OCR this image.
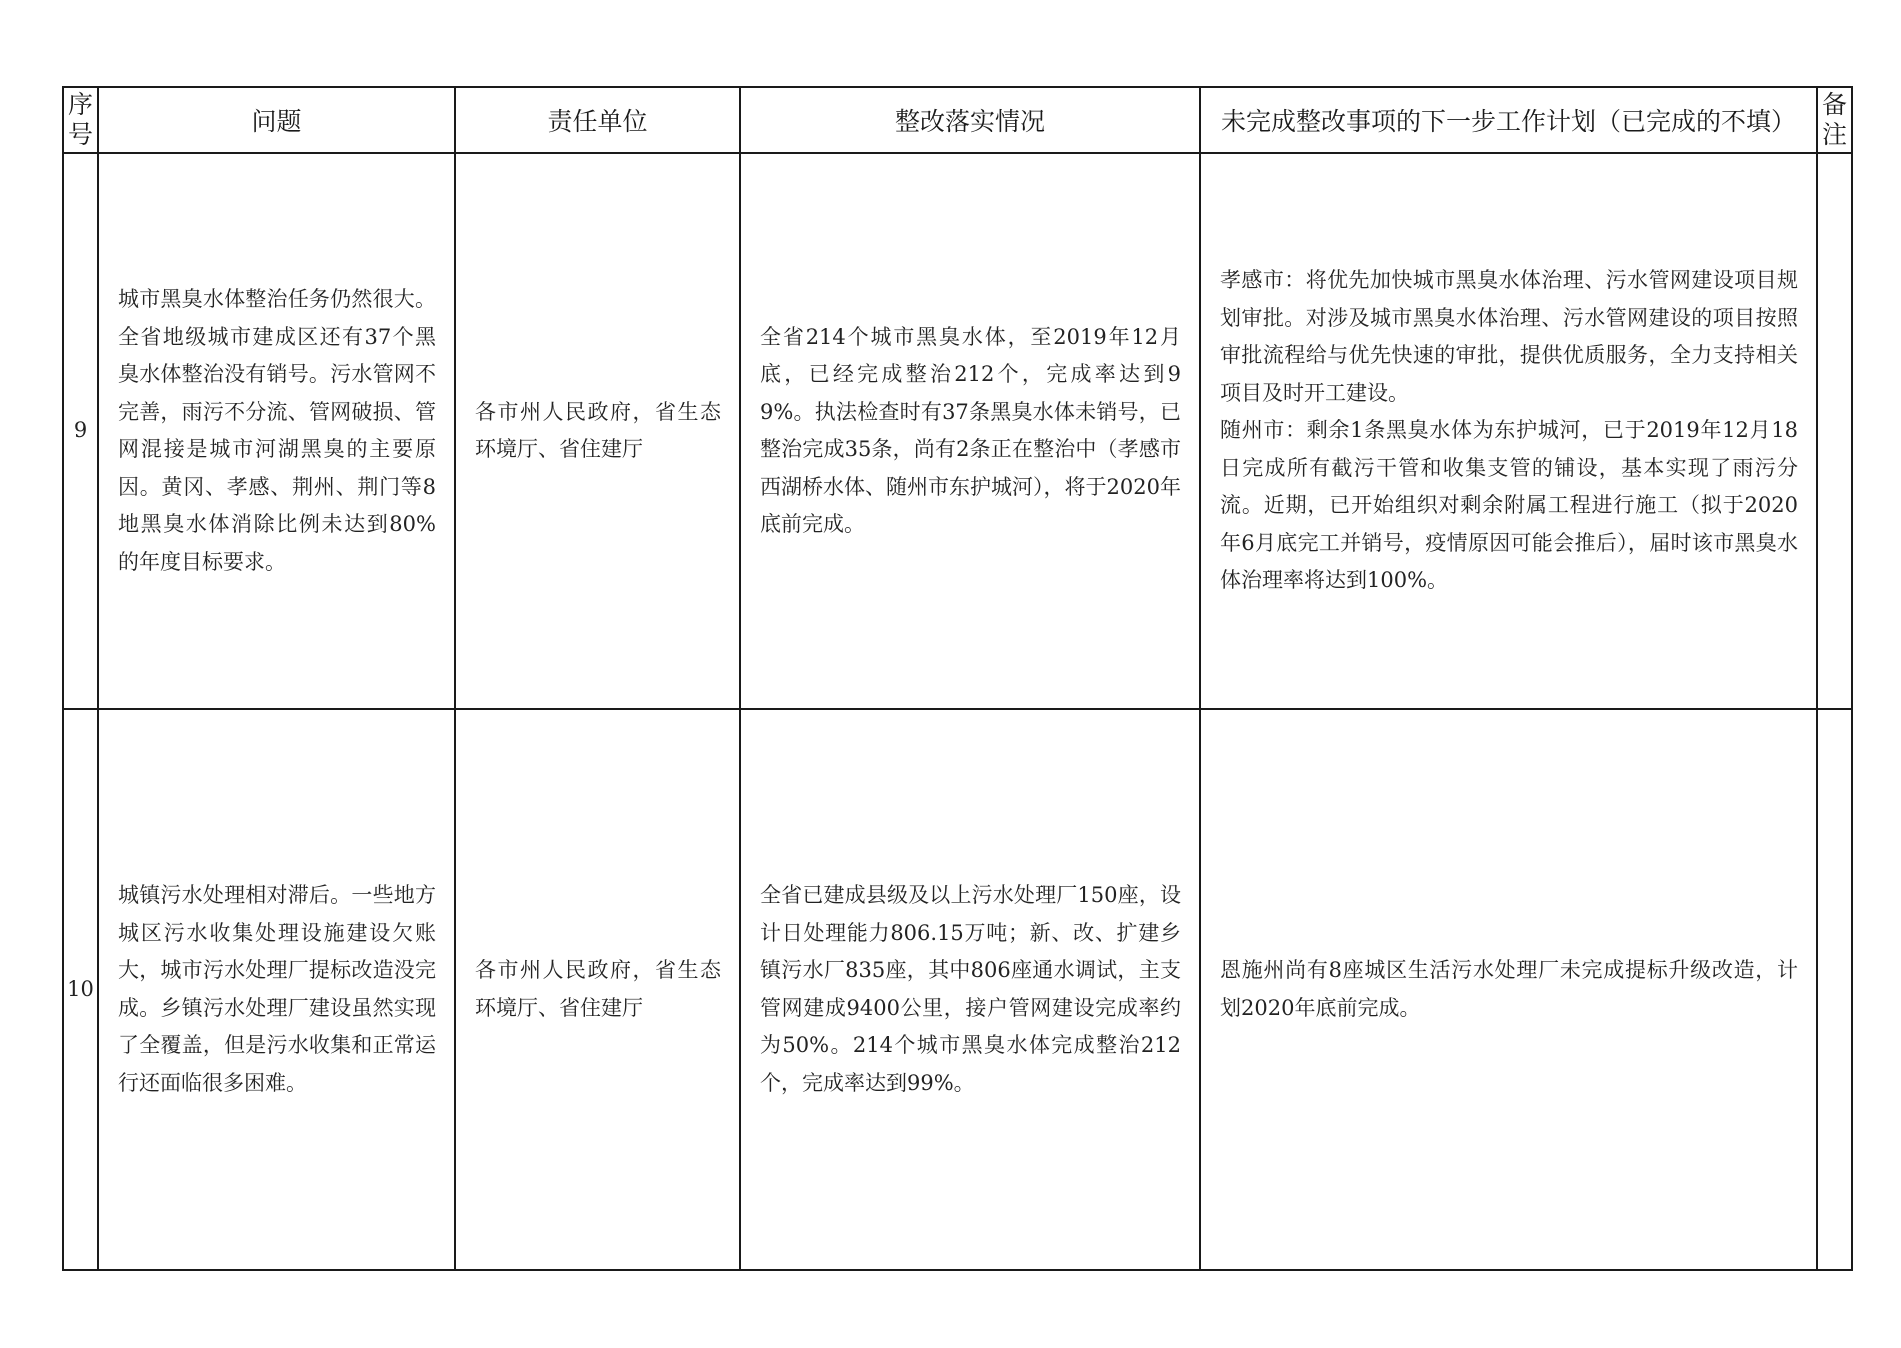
序号	问题	责任单位	整改落实情况	未完成整改事项的下一步工作计划（已完成的不填）	备注
9	城市黑臭水体整治任务仍然很大。全省地级城市建成区还有37个黑臭水体整治没有销号。污水管网不完善，雨污不分流、管网破损、管网混接是城市河湖黑臭的主要原因。黄冈、孝感、荆州、荆门等8地黑臭水体消除比例未达到80%的年度目标要求。	各市州人民政府，省生态环境厅、省住建厅	全省214个城市黑臭水体，至2019年12月底，已经完成整治212个，完成率达到99%。执法检查时有37条黑臭水体未销号，已整治完成35条，尚有2条正在整治中（孝感市西湖桥水体、随州市东护城河），将于2020年底前完成。	孝感市：将优先加快城市黑臭水体治理、污水管网建设项目规划审批。对涉及城市黑臭水体治理、污水管网建设的项目按照审批流程给与优先快速的审批，提供优质服务，全力支持相关项目及时开工建设。
随州市：剩余1条黑臭水体为东护城河，已于2019年12月18日完成所有截污干管和收集支管的铺设，基本实现了雨污分流。近期，已开始组织对剩余附属工程进行施工（拟于2020年6月底完工并销号，疫情原因可能会推后），届时该市黑臭水体治理率将达到100%。	

10	城镇污水处理相对滞后。一些地方城区污水收集处理设施建设欠账大，城市污水处理厂提标改造没完成。乡镇污水处理厂建设虽然实现了全覆盖，但是污水收集和正常运行还面临很多困难。	各市州人民政府，省生态环境厅、省住建厅	全省已建成县级及以上污水处理厂150座，设计日处理能力806.15万吨；新、改、扩建乡镇污水厂835座，其中806座通水调试，主支管网建成9400公里，接户管网建设完成率约为50%。214个城市黑臭水体完成整治212个，完成率达到99%。	恩施州尚有8座城区生活污水处理厂未完成提标升级改造，计划2020年底前完成。	
